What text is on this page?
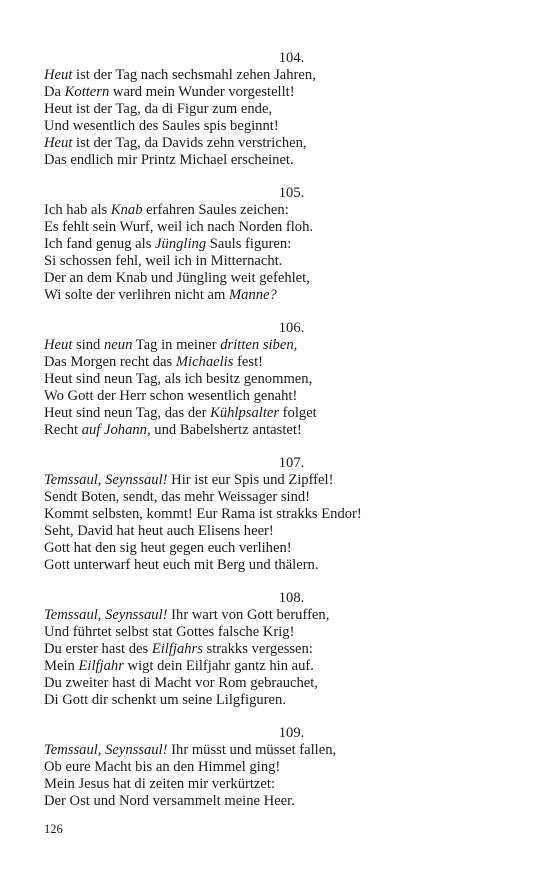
104.
Heut ist der Tag nach sechsmahl zehen Jahren,
Da Kottern ward mein Wunder vorgestellt!
Heut ist der Tag, da di Figur zum ende,
Und wesentlich des Saules spis beginnt!
Heut ist der Tag, da Davids zehn verstrichen,
Das endlich mir Printz Michael erscheinet.
105.
Ich hab als Knab erfahren Saules zeichen:
Es fehlt sein Wurf, weil ich nach Norden floh.
Ich fand genug als Jüngling Sauls figuren:
Si schossen fehl, weil ich in Mitternacht.
Der an dem Knab und Jüngling weit gefehlet,
Wi solte der verlihren nicht am Manne?
106.
Heut sind neun Tag in meiner dritten siben,
Das Morgen recht das Michaelis fest!
Heut sind neun Tag, als ich besitz genommen,
Wo Gott der Herr schon wesentlich genaht!
Heut sind neun Tag, das der Kühlpsalter folget
Recht auf Johann, und Babelshertz antastet!
107.
Temssaul, Seynssaul! Hir ist eur Spis und Zipffel!
Sendt Boten, sendt, das mehr Weissager sind!
Kommt selbsten, kommt! Eur Rama ist strakks Endor!
Seht, David hat heut auch Elisens heer!
Gott hat den sig heut gegen euch verlihen!
Gott unterwarf heut euch mit Berg und thälern.
108.
Temssaul, Seynssaul! Ihr wart von Gott beruffen,
Und führtet selbst stat Gottes falsche Krig!
Du erster hast des Eilfjahrs strakks vergessen:
Mein Eilfjahr wigt dein Eilfjahr gantz hin auf.
Du zweiter hast di Macht vor Rom gebrauchet,
Di Gott dir schenkt um seine Lilgfiguren.
109.
Temssaul, Seynssaul! Ihr müsst und müsset fallen,
Ob eure Macht bis an den Himmel ging!
Mein Jesus hat di zeiten mir verkürtzet:
Der Ost und Nord versammelt meine Heer.
126
